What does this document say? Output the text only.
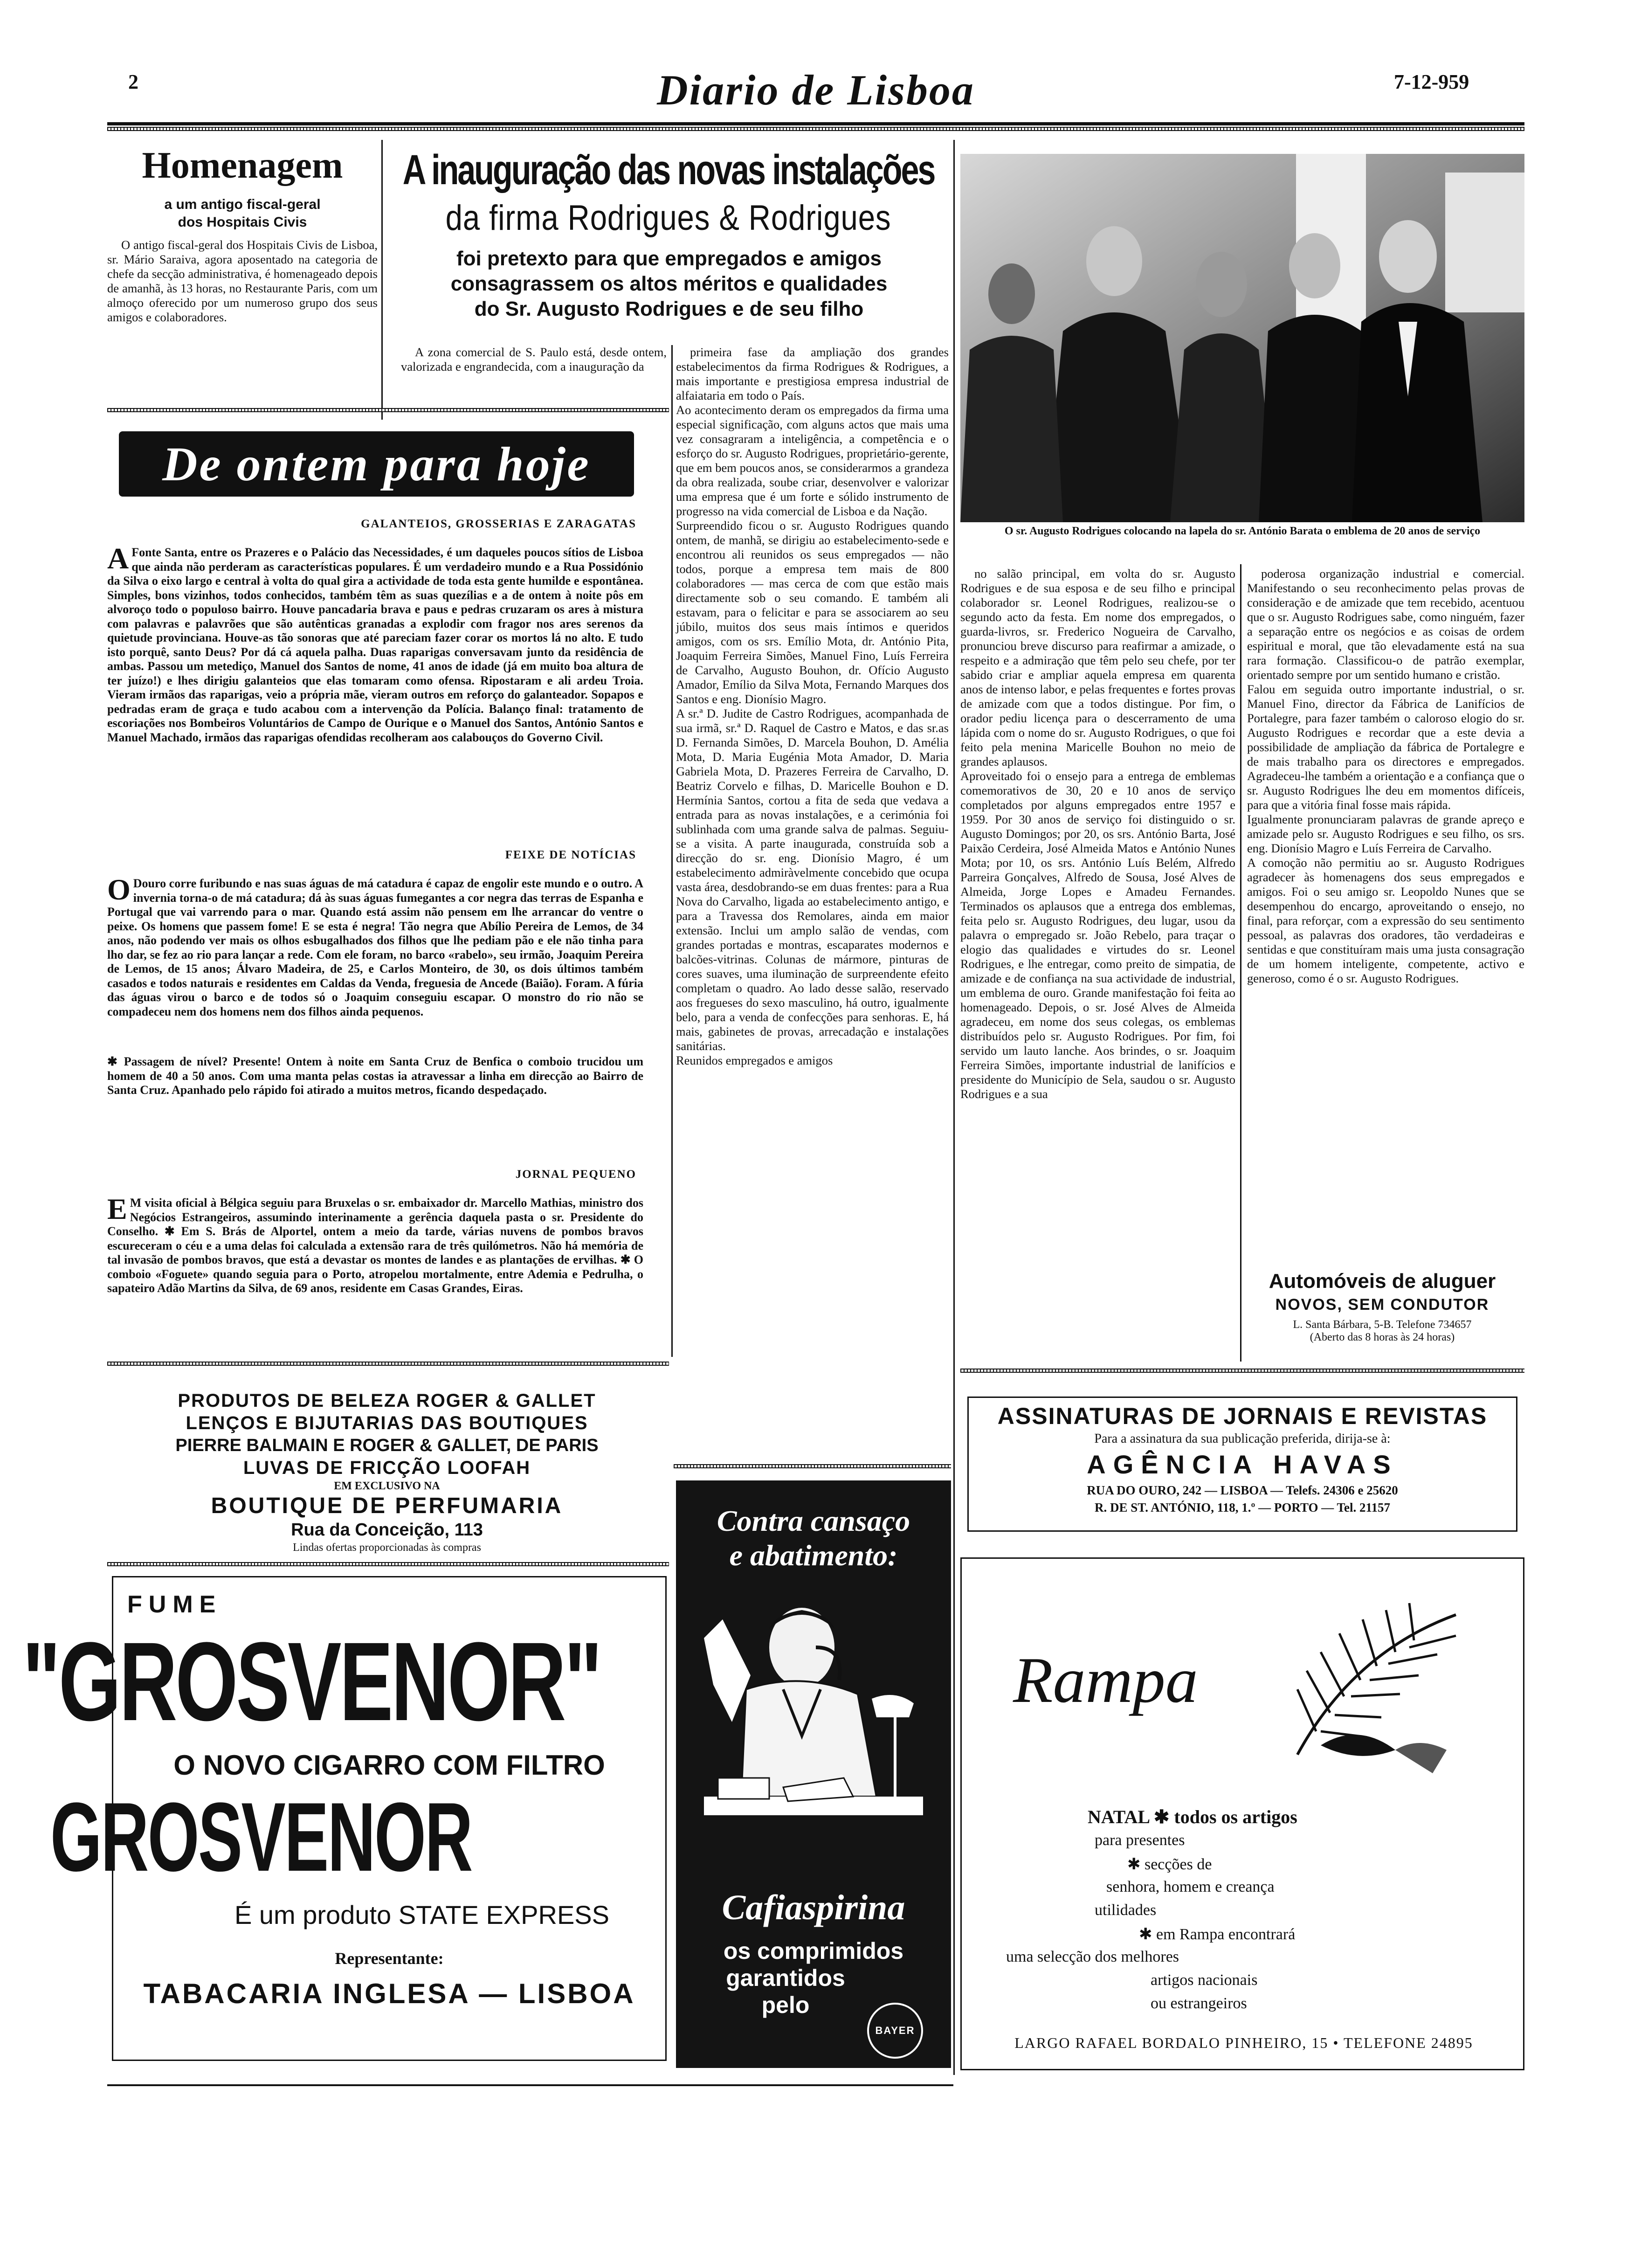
2	Diario de Lisboa	7-12-959
Homenagem
a um antigo fiscal-geral
dos Hospitais Civis

O antigo fiscal-geral dos Hospitais Civis de Lisboa, sr. Mário Saraiva, agora aposentado na categoria de chefe da secção administrativa, é homenageado depois de amanhã, às 13 horas, no Restaurante Paris, com um almoço oferecido por um numeroso grupo dos seus amigos e colaboradores.

A inauguração das novas instalações
da firma Rodrigues & Rodrigues
foi pretexto para que empregados e amigos
consagrassem os altos méritos e qualidades
do Sr. Augusto Rodrigues e de seu filho
O sr. Augusto Rodrigues colocando na lapela do sr. António Barata o emblema de 20 anos de serviço

A zona comercial de S. Paulo está, desde ontem, valorizada e engrandecida, com a inauguração da

primeira fase da ampliação dos grandes estabelecimentos da firma Rodrigues & Rodrigues, a mais importante e prestigiosa empresa industrial de alfaiataria em todo o País.
Ao acontecimento deram os empregados da firma uma especial significação, com alguns actos que mais uma vez consagraram a inteligência, a competência e o esforço do sr. Augusto Rodrigues, proprietário-gerente, que em bem poucos anos, se considerarmos a grandeza da obra realizada, soube criar, desenvolver e valorizar uma empresa que é um forte e sólido instrumento de progresso na vida comercial de Lisboa e da Nação.
Surpreendido ficou o sr. Augusto Rodrigues quando ontem, de manhã, se dirigiu ao estabelecimento-sede e encontrou ali reunidos os seus empregados — não todos, porque a empresa tem mais de 800 colaboradores — mas cerca de com que estão mais directamente sob o seu comando. E também ali estavam, para o felicitar e para se associarem ao seu júbilo, muitos dos seus mais íntimos e queridos amigos, com os srs. Emílio Mota, dr. António Pita, Joaquim Ferreira Simões, Manuel Fino, Luís Ferreira de Carvalho, Augusto Bouhon, dr. Ofício Augusto Amador, Emílio da Silva Mota, Fernando Marques dos Santos e eng. Dionísio Magro.
A sr.ª D. Judite de Castro Rodrigues, acompanhada de sua irmã, sr.ª D. Raquel de Castro e Matos, e das sr.as D. Fernanda Simões, D. Marcela Bouhon, D. Amélia Mota, D. Maria Eugénia Mota Amador, D. Maria Gabriela Mota, D. Prazeres Ferreira de Carvalho, D. Beatriz Corvelo e filhas, D. Maricelle Bouhon e D. Hermínia Santos, cortou a fita de seda que vedava a entrada para as novas instalações, e a cerimónia foi sublinhada com uma grande salva de palmas. Seguiu-se a visita. A parte inaugurada, construída sob a direcção do sr. eng. Dionísio Magro, é um estabelecimento admiràvelmente concebido que ocupa vasta área, desdobrando-se em duas frentes: para a Rua Nova do Carvalho, ligada ao estabelecimento antigo, e para a Travessa dos Remolares, ainda em maior extensão. Inclui um amplo salão de vendas, com grandes portadas e montras, escaparates modernos e balcões-vitrinas. Colunas de mármore, pinturas de cores suaves, uma iluminação de surpreendente efeito completam o quadro. Ao lado desse salão, reservado aos fregueses do sexo masculino, há outro, igualmente belo, para a venda de confecções para senhoras. E, há mais, gabinetes de provas, arrecadação e instalações sanitárias.
Reunidos empregados e amigos
no salão principal, em volta do sr. Augusto Rodrigues e de sua esposa e de seu filho e principal colaborador sr. Leonel Rodrigues, realizou-se o segundo acto da festa. Em nome dos empregados, o guarda-livros, sr. Frederico Nogueira de Carvalho, pronunciou breve discurso para reafirmar a amizade, o respeito e a admiração que têm pelo seu chefe, por ter sabido criar e ampliar aquela empresa em quarenta anos de intenso labor, e pelas frequentes e fortes provas de amizade com que a todos distingue. Por fim, o orador pediu licença para o descerramento de uma lápida com o nome do sr. Augusto Rodrigues, o que foi feito pela menina Maricelle Bouhon no meio de grandes aplausos.
Aproveitado foi o ensejo para a entrega de emblemas comemorativos de 30, 20 e 10 anos de serviço completados por alguns empregados entre 1957 e 1959. Por 30 anos de serviço foi distinguido o sr. Augusto Domingos; por 20, os srs. António Barta, José Paixão Cerdeira, José Almeida Matos e António Nunes Mota; por 10, os srs. António Luís Belém, Alfredo Parreira Gonçalves, Alfredo de Sousa, José Alves de Almeida, Jorge Lopes e Amadeu Fernandes. Terminados os aplausos que a entrega dos emblemas, feita pelo sr. Augusto Rodrigues, deu lugar, usou da palavra o empregado sr. João Rebelo, para traçar o elogio das qualidades e virtudes do sr. Leonel Rodrigues, e lhe entregar, como preito de simpatia, de amizade e de confiança na sua actividade de industrial, um emblema de ouro. Grande manifestação foi feita ao homenageado. Depois, o sr. José Alves de Almeida agradeceu, em nome dos seus colegas, os emblemas distribuídos pelo sr. Augusto Rodrigues. Por fim, foi servido um lauto lanche. Aos brindes, o sr. Joaquim Ferreira Simões, importante industrial de lanifícios e presidente do Município de Sela, saudou o sr. Augusto Rodrigues e a sua
poderosa organização industrial e comercial. Manifestando o seu reconhecimento pelas provas de consideração e de amizade que tem recebido, acentuou que o sr. Augusto Rodrigues sabe, como ninguém, fazer a separação entre os negócios e as coisas de ordem espiritual e moral, que tão elevadamente está na sua rara formação. Classificou-o de patrão exemplar, orientado sempre por um sentido humano e cristão.
Falou em seguida outro importante industrial, o sr. Manuel Fino, director da Fábrica de Lanifícios de Portalegre, para fazer também o caloroso elogio do sr. Augusto Rodrigues e recordar que a este devia a possibilidade de ampliação da fábrica de Portalegre e de mais trabalho para os directores e empregados. Agradeceu-lhe também a orientação e a confiança que o sr. Augusto Rodrigues lhe deu em momentos difíceis, para que a vitória final fosse mais rápida.
Igualmente pronunciaram palavras de grande apreço e amizade pelo sr. Augusto Rodrigues e seu filho, os srs. eng. Dionísio Magro e Luís Ferreira de Carvalho.
A comoção não permitiu ao sr. Augusto Rodrigues agradecer às homenagens dos seus empregados e amigos. Foi o seu amigo sr. Leopoldo Nunes que se desempenhou do encargo, aproveitando o ensejo, no final, para reforçar, com a expressão do seu sentimento pessoal, as palavras dos oradores, tão verdadeiras e sentidas e que constituíram mais uma justa consagração de um homem inteligente, competente, activo e generoso, como é o sr. Augusto Rodrigues.
De ontem para hoje
GALANTEIOS, GROSSERIAS E ZARAGATAS
A Fonte Santa, entre os Prazeres e o Palácio das Necessidades, é um daqueles poucos sítios de Lisboa que ainda não perderam as características populares. É um verdadeiro mundo e a Rua Possidónio da Silva o eixo largo e central à volta do qual gira a actividade de toda esta gente humilde e espontânea. Simples, bons vizinhos, todos conhecidos, também têm as suas quezílias e a de ontem à noite pôs em alvoroço todo o populoso bairro. Houve pancadaria brava e paus e pedras cruzaram os ares à mistura com palavras e palavrões que são autênticas granadas a explodir com fragor nos ares serenos da quietude provinciana. Houve-as tão sonoras que até pareciam fazer corar os mortos lá no alto. E tudo isto porquê, santo Deus? Por dá cá aquela palha. Duas raparigas conversavam junto da residência de ambas. Passou um metediço, Manuel dos Santos de nome, 41 anos de idade (já em muito boa altura de ter juízo!) e lhes dirigiu galanteios que elas tomaram como ofensa. Ripostaram e ali ardeu Troia. Vieram irmãos das raparigas, veio a própria mãe, vieram outros em reforço do galanteador. Sopapos e pedradas eram de graça e tudo acabou com a intervenção da Polícia. Balanço final: tratamento de escoriações nos Bombeiros Voluntários de Campo de Ourique e o Manuel dos Santos, António Santos e Manuel Machado, irmãos das raparigas ofendidas recolheram aos calabouços do Governo Civil.
FEIXE DE NOTÍCIAS
O Douro corre furibundo e nas suas águas de má catadura é capaz de engolir este mundo e o outro. A invernia torna-o de má catadura; dá às suas águas fumegantes a cor negra das terras de Espanha e Portugal que vai varrendo para o mar. Quando está assim não pensem em lhe arrancar do ventre o peixe. Os homens que passem fome! E se esta é negra! Tão negra que Abílio Pereira de Lemos, de 34 anos, não podendo ver mais os olhos esbugalhados dos filhos que lhe pediam pão e ele não tinha para lho dar, se fez ao rio para lançar a rede. Com ele foram, no barco «rabelo», seu irmão, Joaquim Pereira de Lemos, de 15 anos; Álvaro Madeira, de 25, e Carlos Monteiro, de 30, os dois últimos também casados e todos naturais e residentes em Caldas da Venda, freguesia de Ancede (Baião). Foram. A fúria das águas virou o barco e de todos só o Joaquim conseguiu escapar. O monstro do rio não se compadeceu nem dos homens nem dos filhos ainda pequenos.
✱ Passagem de nível? Presente! Ontem à noite em Santa Cruz de Benfica o comboio trucidou um homem de 40 a 50 anos. Com uma manta pelas costas ia atravessar a linha em direcção ao Bairro de Santa Cruz. Apanhado pelo rápido foi atirado a muitos metros, ficando despedaçado.
JORNAL PEQUENO
E M visita oficial à Bélgica seguiu para Bruxelas o sr. embaixador dr. Marcello Mathias, ministro dos Negócios Estrangeiros, assumindo interinamente a gerência daquela pasta o sr. Presidente do Conselho. ✱ Em S. Brás de Alportel, ontem a meio da tarde, várias nuvens de pombos bravos escureceram o céu e a uma delas foi calculada a extensão rara de três quilómetros. Não há memória de tal invasão de pombos bravos, que está a devastar os montes de landes e as plantações de ervilhas. ✱ O comboio «Foguete» quando seguia para o Porto, atropelou mortalmente, entre Ademia e Pedrulha, o sapateiro Adão Martins da Silva, de 69 anos, residente em Casas Grandes, Eiras.	Automóveis de aluguer
NOVOS, SEM CONDUTOR
L. Santa Bárbara, 5-B. Telefone 734657
(Aberto das 8 horas às 24 horas)
PRODUTOS DE BELEZA ROGER & GALLET
LENÇOS E BIJUTARIAS DAS BOUTIQUES
PIERRE BALMAIN E ROGER & GALLET, DE PARIS
LUVAS DE FRICÇÃO LOOFAH
EM EXCLUSIVO NA
BOUTIQUE DE PERFUMARIA
Rua da Conceição, 113
Lindas ofertas proporcionadas às compras
FUME
"GROSVENOR"
O NOVO CIGARRO COM FILTRO
GROSVENOR
É um produto STATE EXPRESS
Representante:
TABACARIA INGLESA — LISBOA
Contra cansaço
e abatimento:
Cafiaspirina
os comprimidos
garantidos
pelo
BAYER
ASSINATURAS DE JORNAIS E REVISTAS
Para a assinatura da sua publicação preferida, dirija-se à:
AGÊNCIA HAVAS
RUA DO OURO, 242 — LISBOA — Telefs. 24306 e 25620
R. DE ST. ANTÓNIO, 118, 1.º — PORTO — Tel. 21157
Rampa
NATAL ✱ todos os artigos
para presentes
✱ secções de
senhora, homem e creança
utilidades
✱ em Rampa encontrará
uma selecção dos melhores
artigos nacionais
ou estrangeiros
LARGO RAFAEL BORDALO PINHEIRO, 15 • TELEFONE 24895
